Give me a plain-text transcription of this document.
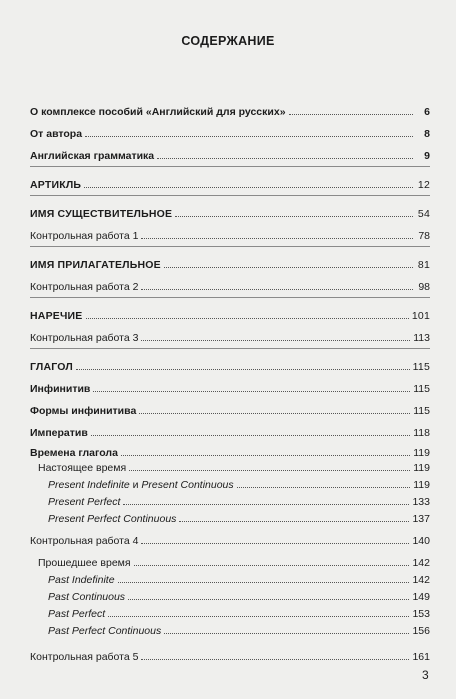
СОДЕРЖАНИЕ
О комплексе пособий «Английский для русских»	6
От автора	8
Английская грамматика	9
АРТИКЛЬ	12
ИМЯ СУЩЕСТВИТЕЛЬНОЕ	54
Контрольная работа 1	78
ИМЯ ПРИЛАГАТЕЛЬНОЕ	81
Контрольная работа 2	98
НАРЕЧИЕ	101
Контрольная работа 3	113
ГЛАГОЛ	115
Инфинитив	115
Формы инфинитива	115
Императив	118
Времена глагола	119
Настоящее время	119
Present Indefinite и Present Continuous	119
Present Perfect	133
Present Perfect Continuous	137
Контрольная работа 4	140
Прошедшее время	142
Past Indefinite	142
Past Continuous	149
Past Perfect	153
Past Perfect Continuous	156
Контрольная работа 5	161
3
